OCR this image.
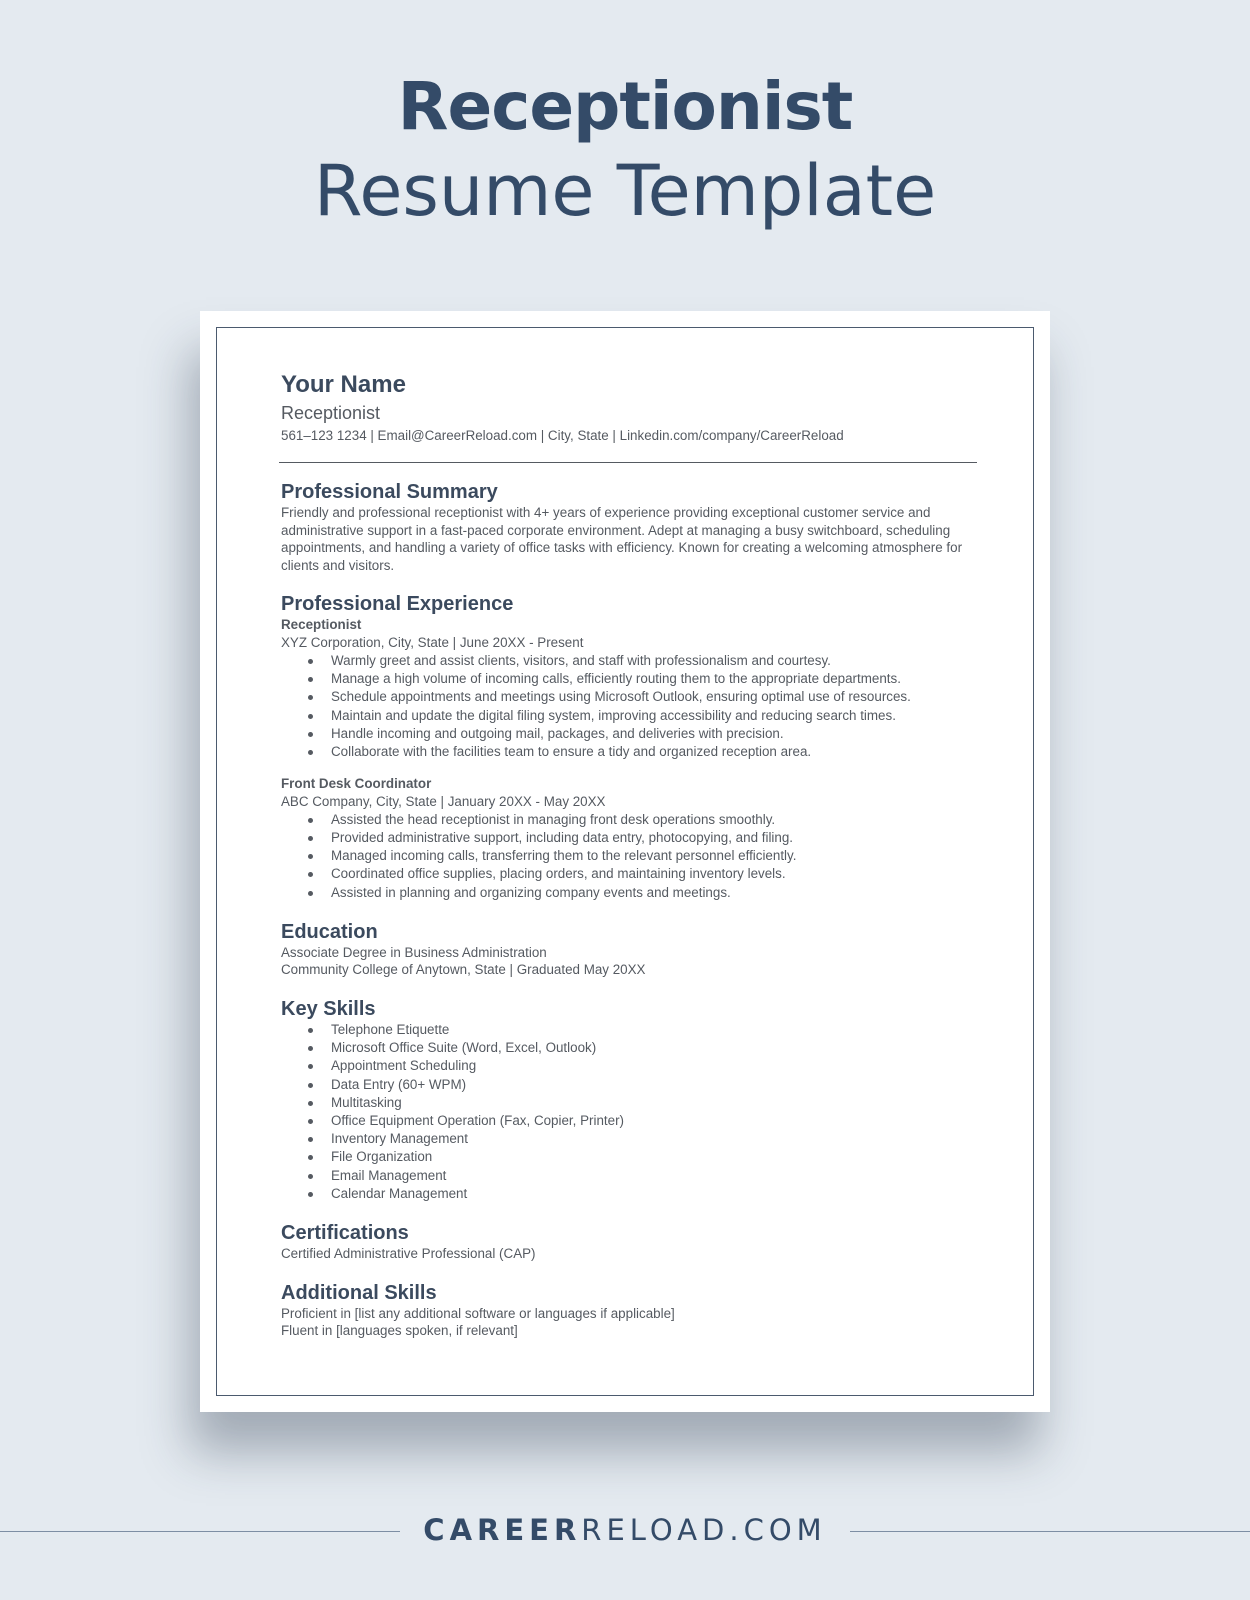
Receptionist
Resume Template
Your Name
Receptionist
561–123 1234 | Email@CareerReload.com | City, State | Linkedin.com/company/CareerReload
Professional Summary

Friendly and professional receptionist with 4+ years of experience providing exceptional customer service and administrative support in a fast-paced corporate environment. Adept at managing a busy switchboard, scheduling appointments, and handling a variety of office tasks with efficiency. Known for creating a welcoming atmosphere for clients and visitors.

Professional Experience

Receptionist

XYZ Corporation, City, State | June 20XX - Present

Warmly greet and assist clients, visitors, and staff with professionalism and courtesy.
Manage a high volume of incoming calls, efficiently routing them to the appropriate departments.
Schedule appointments and meetings using Microsoft Outlook, ensuring optimal use of resources.
Maintain and update the digital filing system, improving accessibility and reducing search times.
Handle incoming and outgoing mail, packages, and deliveries with precision.
Collaborate with the facilities team to ensure a tidy and organized reception area.

Front Desk Coordinator

ABC Company, City, State | January 20XX - May 20XX

Assisted the head receptionist in managing front desk operations smoothly.
Provided administrative support, including data entry, photocopying, and filing.
Managed incoming calls, transferring them to the relevant personnel efficiently.
Coordinated office supplies, placing orders, and maintaining inventory levels.
Assisted in planning and organizing company events and meetings.
Education

Associate Degree in Business Administration

Community College of Anytown, State | Graduated May 20XX

Key Skills
Telephone Etiquette
Microsoft Office Suite (Word, Excel, Outlook)
Appointment Scheduling
Data Entry (60+ WPM)
Multitasking
Office Equipment Operation (Fax, Copier, Printer)
Inventory Management
File Organization
Email Management
Calendar Management
Certifications

Certified Administrative Professional (CAP)

Additional Skills

Proficient in [list any additional software or languages if applicable]

Fluent in [languages spoken, if relevant]

CAREERRELOAD.COM
